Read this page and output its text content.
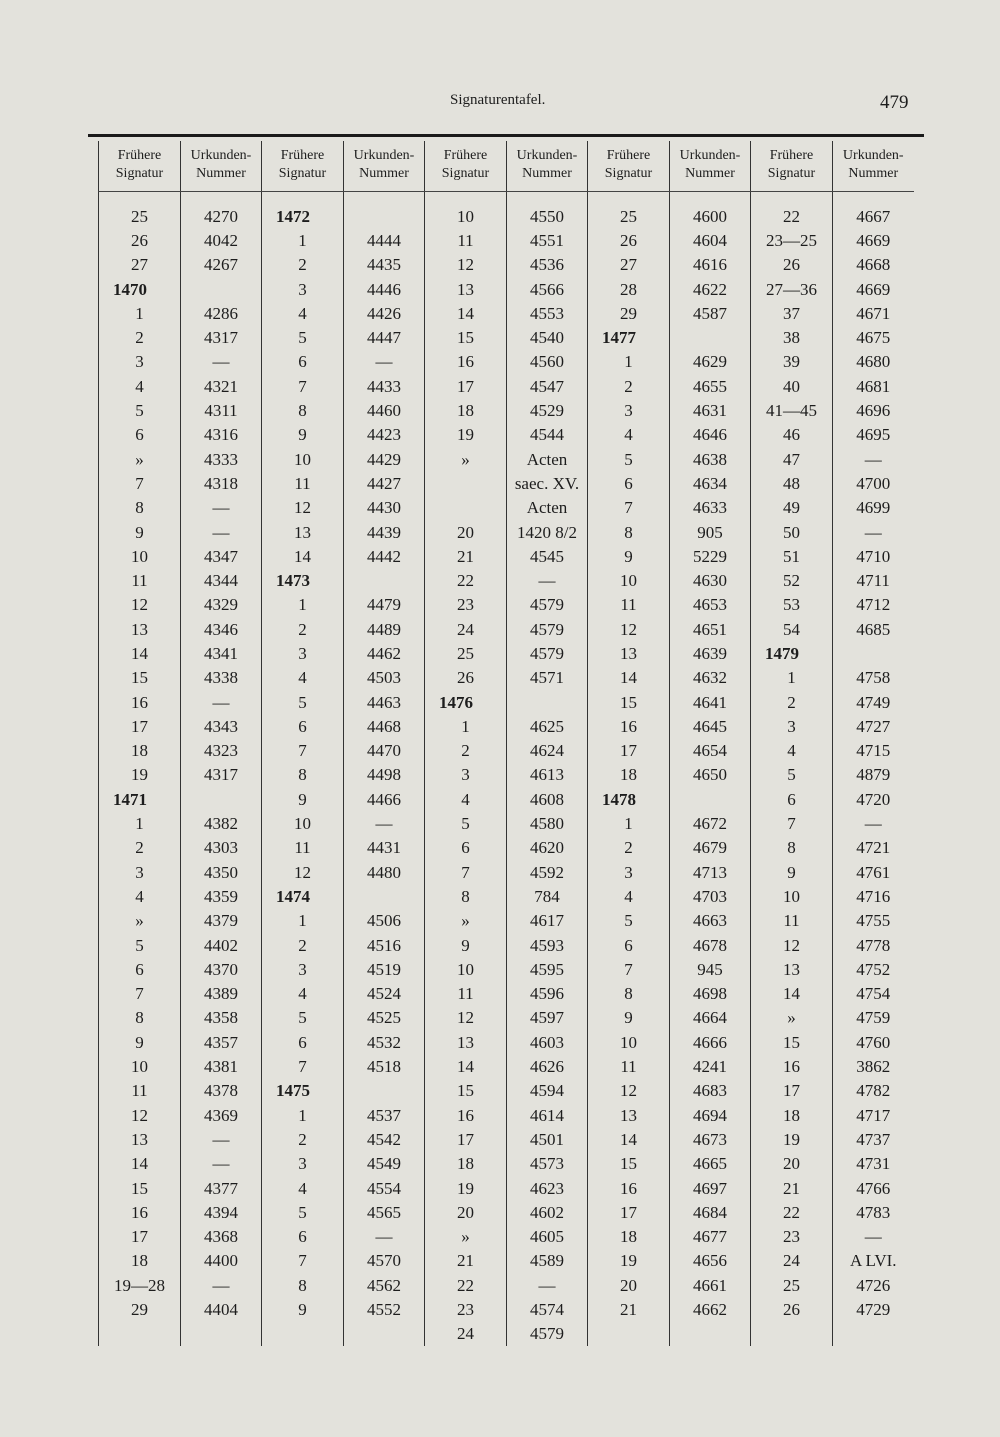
Signaturentafel.	479
Frühere Signatur	Urkunden-Nummer	Frühere Signatur	Urkunden-Nummer	Frühere Signatur	Urkunden-Nummer	Frühere Signatur	Urkunden-Nummer	Frühere Signatur	Urkunden-Nummer

25	4270	1472		10	4550	25	4600	22	4667
26	4042	1	4444	11	4551	26	4604	23—25	4669
27	4267	2	4435	12	4536	27	4616	26	4668
1470		3	4446	13	4566	28	4622	27—36	4669
1	4286	4	4426	14	4553	29	4587	37	4671
2	4317	5	4447	15	4540	1477		38	4675
3	—	6	—	16	4560	1	4629	39	4680
4	4321	7	4433	17	4547	2	4655	40	4681
5	4311	8	4460	18	4529	3	4631	41—45	4696
6	4316	9	4423	19	4544	4	4646	46	4695
»	4333	10	4429	»	Acten	5	4638	47	—
7	4318	11	4427		saec. XV.	6	4634	48	4700
8	—	12	4430		Acten	7	4633	49	4699
9	—	13	4439	20	1420 8/2	8	905	50	—
10	4347	14	4442	21	4545	9	5229	51	4710
11	4344	1473		22	—	10	4630	52	4711
12	4329	1	4479	23	4579	11	4653	53	4712
13	4346	2	4489	24	4579	12	4651	54	4685
14	4341	3	4462	25	4579	13	4639	1479	
15	4338	4	4503	26	4571	14	4632	1	4758
16	—	5	4463	1476		15	4641	2	4749
17	4343	6	4468	1	4625	16	4645	3	4727
18	4323	7	4470	2	4624	17	4654	4	4715
19	4317	8	4498	3	4613	18	4650	5	4879
1471		9	4466	4	4608	1478		6	4720
1	4382	10	—	5	4580	1	4672	7	—
2	4303	11	4431	6	4620	2	4679	8	4721
3	4350	12	4480	7	4592	3	4713	9	4761
4	4359	1474		8	784	4	4703	10	4716
»	4379	1	4506	»	4617	5	4663	11	4755
5	4402	2	4516	9	4593	6	4678	12	4778
6	4370	3	4519	10	4595	7	945	13	4752
7	4389	4	4524	11	4596	8	4698	14	4754
8	4358	5	4525	12	4597	9	4664	»	4759
9	4357	6	4532	13	4603	10	4666	15	4760
10	4381	7	4518	14	4626	11	4241	16	3862
11	4378	1475		15	4594	12	4683	17	4782
12	4369	1	4537	16	4614	13	4694	18	4717
13	—	2	4542	17	4501	14	4673	19	4737
14	—	3	4549	18	4573	15	4665	20	4731
15	4377	4	4554	19	4623	16	4697	21	4766
16	4394	5	4565	20	4602	17	4684	22	4783
17	4368	6	—	»	4605	18	4677	23	—
18	4400	7	4570	21	4589	19	4656	24	A LVI.
19—28	—	8	4562	22	—	20	4661	25	4726
29	4404	9	4552	23	4574	21	4662	26	4729
				24	4579				
